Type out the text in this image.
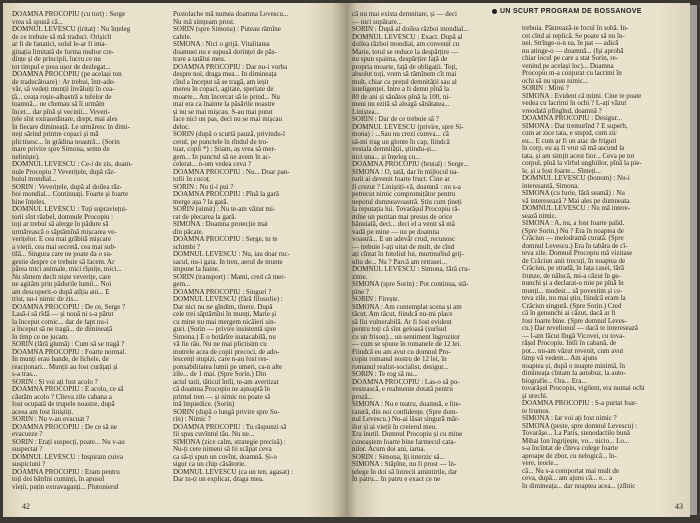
DOAMNA PROCOPIU (cu tort) : Serge
vrea să spună că...
DOMNUL LEVESCU (iritat) : Nu înțeleg
de ce trebuie să mă traduci. Orișicît
ar fi de fanatici, solul le-ar fi ima-
ginația limitată de forma multor cre-
dințe și de principii, lucru ce nu
tot timpul e prea ușor de dezlegat...
DOAMNA PROCOPIU (pe același ton
de traducătoare) : Ar trebui, într-ade-
văr, să vedeți munții învăluiți în cea-
ță... ceața roșie-albastră a tufelor de
toamnă... ne chemau să îi urmăm
încet... dar pînă și vecinii... Veveri-
țele sînt extraordinare, drept, mai ales
în fiecare dimineață. Le urmăresc în dimi-
neți sărind printre copaci și mă
plictisesc... în grădina noastră... (Sorin
mare privire spre Simona, semn de
neliniște).
DOMNUL LEVESCU : Ce-i de zis, doam-
nule Procopiu ? Veverițele, după răz-
boiul mondial...
SORIN : Veverițele, după al doilea răz-
boi mondial... Continuați. Foarte și foarte
bine înțeles.
DOMNUL LEVESCU : Toți supraviețui-
torii sînt răzbel, domnule Procopiu :
toți ar trebui să alerge în pădure să
urmărească o săptămînă mișcarea ve-
verițelor. E cea mai grăbită mișcare
a vieții, cea mai secretă, cea mai sub-
tilă... Singura care ne poate da o su-
gestie despre ce trebuie să facem. Ar
părea mici animale, mici rîșnițe, mici...
Nu sîntem decît niște veverițe, care
ne agităm prin pădurile lumii... Noi
am descoperit-o după atîția ani... E
trist, nu-i nimic de zis...
DOAMNA PROCOPIU : De ce, Serge ?
Lasă-i să rîdă — și nouă ni s-a părut
la început comic... dar de fapt nu-i
a început să ne tragă... de dimineață
în timp ce ne jucam.
SORIN (fără glumă) : Cum să se tragă ?
DOAMNA PROCOPIU : Foarte normal.
În munți erau bande, de lichele, de
reacționari... Munții au fost curățați și
s-a tras...
SORIN : Și voi ați fost acolo ?
DOAMNA PROCOPIU : E acolo, ce să
căutăm acolo ? Cîteva zile cabana a
fost ocupată de trupele noastre, după
aceea am fost liniștiți.
SORIN : Nu v-au evacuat ?
DOAMNA PROCOPIU : De ce să ne
evacueze ?
SORIN : Erați suspecți, poate... Nu v-au
suspectat ?
DOMNUL LEVESCU : Inspiram cuiva
suspiciuni ?
DOAMNA PROCOPIU : Eram pentru
toți doi bătrîni cuminți, în apusul
vieții, puțin extravaganți... Plutonierul
Postolache mă numea doamna Levescu...
Nu mă simțeam prost.
SORIN (spre Simona) : Puteau rămîne
cafele.
SIMONA : Nici o grijă. Vitalitatea
doamnei nu e supusă dorinței de păs-
trare a tatălui meu.
DOAMNA PROCOPIU : Dar nu-i vorba
despre noi, draga mea... În dimineața
cînd a început să se tragă, am ieșit
mereu în copaci, agitate, speriate de
moarte... Am încercat să le prind... Nu
mai era ca înainte la păsările noastre
și nu se mai mișcau. S-au mai putut
face nici un pas, deci nu se mai mișcau
deloc.
SORIN (după o scurtă pauză, privindu-l
cerul, pe punctele în rîndul de tro-
tuar, copii *) : Știam, aș vrea să mer-
gem... În punctul să ne avem în ac-
celerat... n-om vedea ceva ?
DOAMNA PROCOPIU : Nu... Doar pan-
tofii în cocoț.
SORIN : Nu ți-i pui ?
DOAMNA PROCOPIU : Pînă la gară
merge așa ? la gară.
SORIN (uimit) : Nu te-am văzut mi-
rat de plecarea la gară.
SIMONA : Doamna protecție mai
din păcate.
DOAMNA PROCOPIU : Serge, tu te
schimbi ?
DOMNUL LEVESCU : Nu, iau doar ruc-
sacul, nu-i gata. În tren, aerul de munte
impune la haine.
SORIN (transport) : Mami, cred că mer-
gem...
DOAMNA PROCOPIU : Singuri ?
DOMNUL LEVESCU (fără filosofie) :
Dar nici nu ne gîndim, tînere. După
cele trei săptămîni în munți, Marie și
cu mine nu mai mergem nicăieri sin-
guri. (Sorin — privire insistentă spre
Simona.) E o hotărîre inatacabilă, nu
vă fie rău. Nu ne mai plictisim cu
mutrele acea de copii precoci, de ado-
lescenți stupizi, care n-au fost res-
ponsabilitatea lumii pe umeri, ca-n alte
zile... de 1 mai. (Spre Sorin.) Din
actul tatii, tăticul întîi, te-am avertizat
că doamna Procopiu ne așteaptă în
primul tren — și nimic nu poate să
mă împiedice. (Sorin)
SORIN (după o lungă privire spre So-
rin) : Nimic ?
DOAMNA PROCOPIU : Tu răspunzi să
fii spus cuvîntul tău. Nu ne...
SIMONA (zice calm, strategie precisă) :
Nu-ți cere nimeni să fii scăpat ceva
ca să-ți spun un cuvînt, doamnă. Și-o
sigur ca un chip căsătorie.
DOMNUL LEVESCU (ca un ten, agasat) :
Dar tu-ți un explicat, draga mea.
UN SCURT PROGRAM DE BOSSANOVE
că nu mai exista demnitate, și — deci
— nici supărare...
SORIN : După al doilea război mondial...
DOMNUL LEVESCU : Exact. După al
doilea război mondial, am convenit cu
Marie, totul se reduce la despărțire —
nu spun spaima, despărțire față de
propria moarte, față de obligații. Toți,
absolut toți, vrem să rămînem cît mai
mult, chiar cu prețul demnității sau al
inteligenței. Între a fi demn pînă la
80 de ani și sănătos pînă la 100, ni-
meni nu ezită să aleagă sănătatea...
Liniștea...
SORIN : Dar de ce trebuie să ?
DOMNUL LEVESCU (privire, spre Si-
mona) : ...Sau nu crezi cumva... că
să-mi trag un glonte în cap, fiindcă
vestala demnității, știindu-și...
nici una... și înțeleg cu...
DOAMNA PROCOPIU (brutal) : Serge...
SIMONA : O, tată, dar în mijlocul na-
turii ai devenit foarte fruct. Cine ar
fi crezut ? Liniștiți-vă, doamnă : nu s-a
petrecut nimic compromițător pentru
nepotul dumneavoastră. Știu cum țineți
la reputația lui. Tovarășul Procopiu ră-
mîne un puritan mai presus de orice
bănuială, deci... deci el a venit să mă
vadă pe mine — nu pe doamna
voastră... E un adevăr crud, recunosc
— trebuie l-ați uitat de mult, de cînd
ați cîntat în fotoliul lui, murmurînd grij-
uliu de... Nu ? Parcă am retrasei...
DOMNUL LEVESCU : Simona, fără cru-
zime.
SIMONA (spre Sorin) : Pot continua, stă-
pîne ?
SORIN : Firește.
SIMONA : Am contemplat scena și am
tăcut. Am tăcut, fiindcă nu-mi place
să fiu vulnerabilă. Ar fi fost evident
pentru toți că sînt geloasă (surîsul
cu un frison)... un sentiment îngrozitor
— cum se spune în romanele de 12 lei.
Fiindcă eu am avut cu domnul Pro-
copiu romanul nostru de 12 lei, în
romanul realist-socialist, desigur...
SORIN : Te rog să nu...
DOAMNA PROCOPIU : Las-o să po-
vestească, e realmente dotată pentru
proză...
SIMONA : Nu e teatru, doamnă, e lite-
ratură, din noi confidențe. (Spre dom-
nul Levescu.) Nu-ai lăsat singură măr-
ilor și ai vieții în creierul meu.
Era inutil. Domnul Procopiu și cu mine
cunoaștem foarte bine farmecul cata-
nilor. Acum doi ani, iarna.
SORIN : Simona, îți interzic să...
SIMONA : Stăpîne, nu fi prost — în-
țelege în doi să întrecii amintirile, dar
în patru... În patru e exact ce ne
trebuia. Păstrează-te focul în sobă. În-
cet cînd ai replică. Se poate să nu în-
nei. Strînge-o-n ea, în pat — adică
nu atinge-o — doamnă... (Își aprobă
chiar locul pe care a stat Sorin, re-
venind pe același loc)... Doamna
Procopiu m-a conjurat cu lacrimi în
ochi să nu spun nimic...
SORIN : Mimi ?
SIMONA : Evident că mimi. Cine te poate
vedea cu lacrimi în ochi ? L-ați văzut
vreodată plîngînd, doamnă ?
DOAMNA PROCOPIU : Desigur...
SIMONA : Dar tremurînd ? E superb,
cum ar zice tata, e stupid, cum zic
eu... E cum ar fi un atac de friguri
în corp, eu aș fi vrut să mă ascund la
tata, și am simțit acest fior... Ceva pe tot
corpul, pînă la vîrful unghiilor, pînă la pie-
le, și a fost foarte... Sînteți...
DOMNUL LEVESCU (bonom) : Nu-i
interesantă, Simona.
SIMONA (cu furie, fără seamă) : Nu
vă interesează ? Mai ales pe dumneata.
DOMNUL LEVESCU : Nu mă intere-
sează nimic.
SIMONA : A, nu, a fost foarte palid.
(Spre Sorin.) Nu ? Era în noaptea de
Crăciun — melodramă curată. (Spre
domnul Levescu.) Era în tabăra de cî-
teva zile. Domnul Procopiu mă vizitase
de Crăciun anii trecuți, în noaptea de
Crăciun, pe stradă, în fața casei, fără
frunze, de nălucă, mi-a căzut în ge-
nunchi și a declarat-o mie pe pînă în
munți... modest... să povestim și ce-
teva zile, nu mai știu, fiindcă eram la
Crăciun singură. (Spre Sorin.) Cred
că în genunchi ai căzut, dacă ar fi
fost foarte bine. (Spre domnul Leves-
cu.) Dar revelionul — dacă te interesează
— l-am făcut lîngă Vicovei, cu tova-
rășul Procopiu. Întîi în cabană, de
pot... nu-am văzut revenit, cum avut
timp vă vedem... Am ajuns
noaptea și, după o noapte minimă, în
dimineața cîntam la autobuz, la auto-
biografie... Ora... Era...
tovarășul Procopiu, vigilent, era numai ochi
și urechi.
DOAMNA PROCOPIU : S-a purtat foar-
te frumos.
SIMONA : Iar voi ați fost nimic ?
SIMONA (peste, spre domnul Levescu) :
Tovarășe... La Paris, stenodactilo bună
Mihai Ion îngrijește, vo... nicio... Lo...
s-a încîntat de cîteva colege foarte
aproape de zbor, cu nelogică... în-
vere, teorie...
că... Nu s-a comportat mai mult de
ceva, după... am ajuns că... e... a
în dimineața... dar noaptea acea... (zîlnic
42	43
